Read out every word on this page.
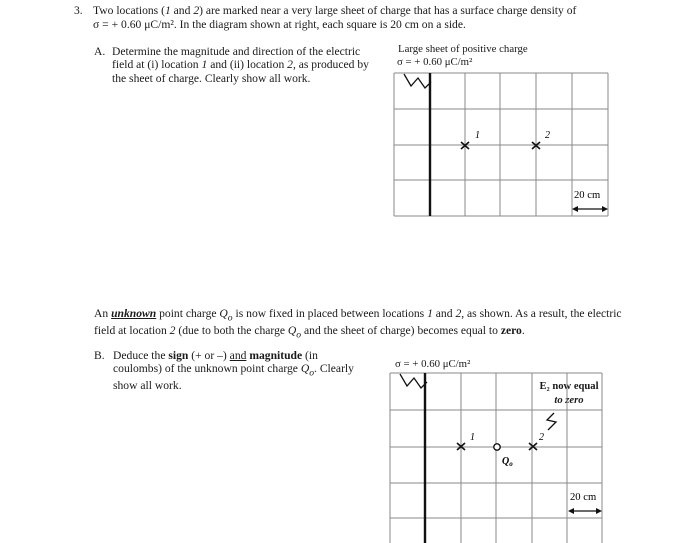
3. Two locations (1 and 2) are marked near a very large sheet of charge that has a surface charge density of
σ = + 0.60 μC/m². In the diagram shown at right, each square is 20 cm on a side.
A. Determine the magnitude and direction of the electric field at (i) location 1 and (ii) location 2, as produced by the sheet of charge. Clearly show all work.
Large sheet of positive charge
σ = + 0.60 μC/m²
1	2
20 cm
An unknown point charge $Q_o$ is now fixed in placed between locations 1 and 2, as shown. As a result, the electric field at location 2 (due to both the charge $Q_o$ and the sheet of charge) becomes equal to zero.
B. Deduce the sign (+ or –) and magnitude (in coulombs) of the unknown point charge $Q_o$. Clearly show all work.
σ = + 0.60 μC/m²
E₂ now equal
to zero
1
$Q_o$
2
20 cm
